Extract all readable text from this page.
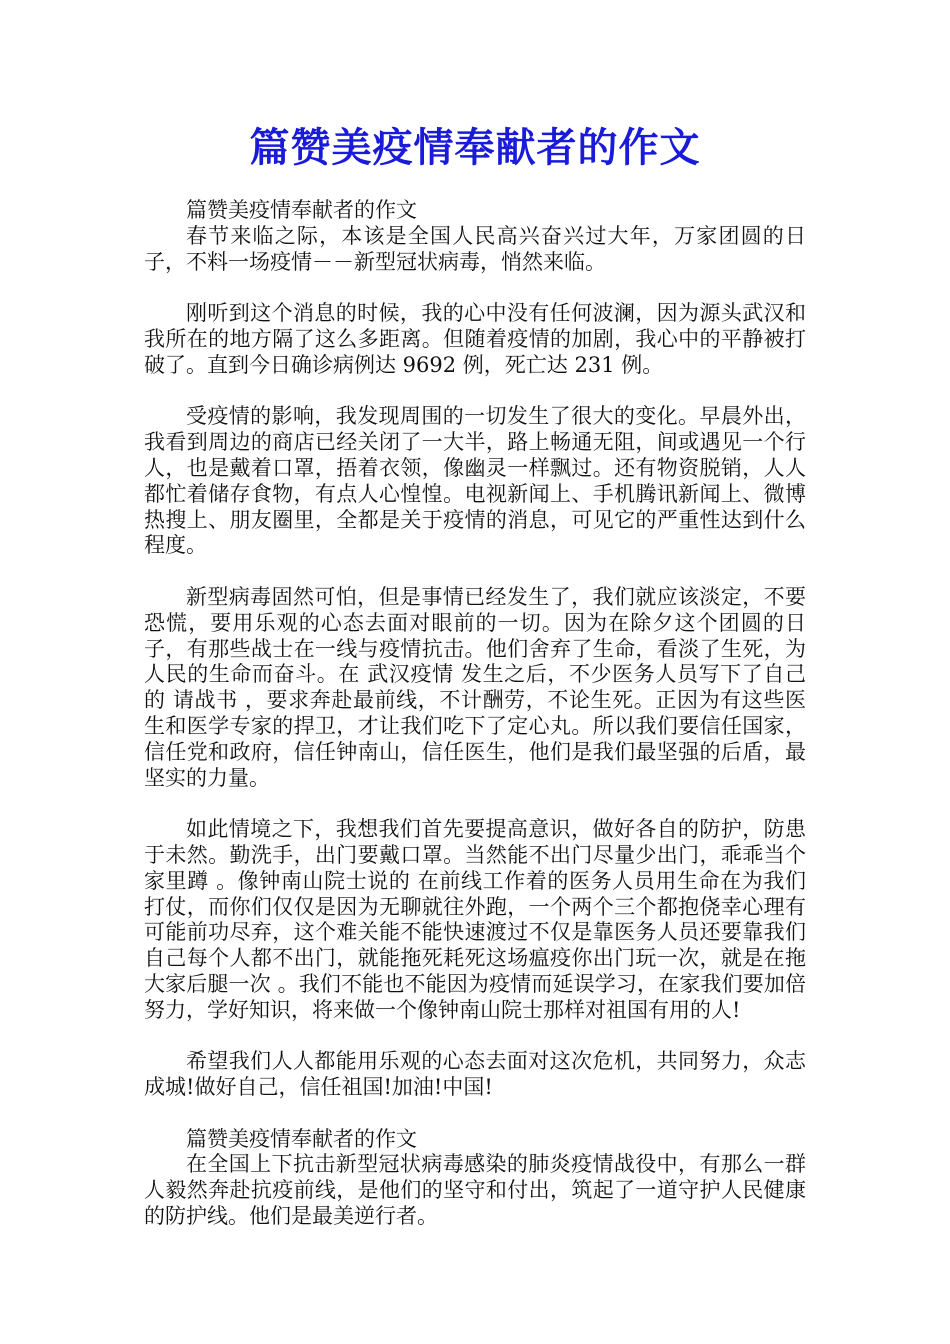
篇赞美疫情奉献者的作文

篇赞美疫情奉献者的作文

春节来临之际，本该是全国人民高兴奋兴过大年，万家团圆的日子，不料一场疫情－－新型冠状病毒，悄然来临。

刚听到这个消息的时候，我的心中没有任何波澜，因为源头武汉和我所在的地方隔了这么多距离。但随着疫情的加剧，我心中的平静被打破了。直到今日确诊病例达 9692 例，死亡达 231 例。

受疫情的影响，我发现周围的一切发生了很大的变化。早晨外出，我看到周边的商店已经关闭了一大半，路上畅通无阻，间或遇见一个行人，也是戴着口罩，捂着衣领，像幽灵一样飘过。还有物资脱销，人人都忙着储存食物，有点人心惶惶。电视新闻上、手机腾讯新闻上、微博热搜上、朋友圈里，全都是关于疫情的消息，可见它的严重性达到什么程度。

新型病毒固然可怕，但是事情已经发生了，我们就应该淡定，不要恐慌，要用乐观的心态去面对眼前的一切。因为在除夕这个团圆的日子，有那些战士在一线与疫情抗击。他们舍弃了生命，看淡了生死，为人民的生命而奋斗。在 武汉疫情 发生之后，不少医务人员写下了自己的 请战书 ，要求奔赴最前线，不计酬劳，不论生死。正因为有这些医生和医学专家的捍卫，才让我们吃下了定心丸。所以我们要信任国家，信任党和政府，信任钟南山，信任医生，他们是我们最坚强的后盾，最坚实的力量。

如此情境之下，我想我们首先要提高意识，做好各自的防护，防患于未然。勤洗手，出门要戴口罩。当然能不出门尽量少出门，乖乖当个 家里蹲 。像钟南山院士说的 在前线工作着的医务人员用生命在为我们打仗，而你们仅仅是因为无聊就往外跑，一个两个三个都抱侥幸心理有可能前功尽弃，这个难关能不能快速渡过不仅是靠医务人员还要靠我们自己每个人都不出门，就能拖死耗死这场瘟疫你出门玩一次，就是在拖大家后腿一次 。我们不能也不能因为疫情而延误学习，在家我们要加倍努力，学好知识，将来做一个像钟南山院士那样对祖国有用的人!

希望我们人人都能用乐观的心态去面对这次危机，共同努力，众志成城!做好自己，信任祖国!加油!中国!

篇赞美疫情奉献者的作文

在全国上下抗击新型冠状病毒感染的肺炎疫情战役中，有那么一群人毅然奔赴抗疫前线，是他们的坚守和付出，筑起了一道守护人民健康的防护线。他们是最美逆行者。
